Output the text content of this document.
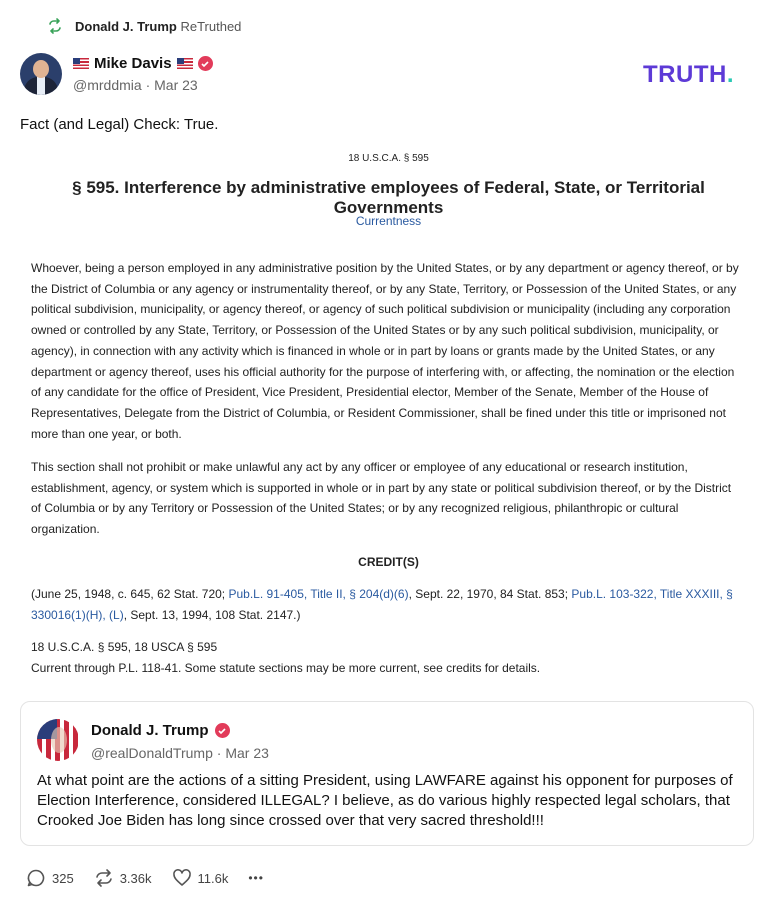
Donald J. Trump ReTruthed
Mike Davis
@mrddmia · Mar 23	TRUTH.
Fact (and Legal) Check: True.
18 U.S.C.A. § 595
§ 595. Interference by administrative employees of Federal, State, or Territorial Governments
Currentness

Whoever, being a person employed in any administrative position by the United States, or by any department or agency thereof, or by the District of Columbia or any agency or instrumentality thereof, or by any State, Territory, or Possession of the United States, or any political subdivision, municipality, or agency thereof, or agency of such political subdivision or municipality (including any corporation owned or controlled by any State, Territory, or Possession of the United States or by any such political subdivision, municipality, or agency), in connection with any activity which is financed in whole or in part by loans or grants made by the United States, or any department or agency thereof, uses his official authority for the purpose of interfering with, or affecting, the nomination or the election of any candidate for the office of President, Vice President, Presidential elector, Member of the Senate, Member of the House of Representatives, Delegate from the District of Columbia, or Resident Commissioner, shall be fined under this title or imprisoned not more than one year, or both.

This section shall not prohibit or make unlawful any act by any officer or employee of any educational or research institution, establishment, agency, or system which is supported in whole or in part by any state or political subdivision thereof, or by the District of Columbia or by any Territory or Possession of the United States; or by any recognized religious, philanthropic or cultural organization.

CREDIT(S)
(June 25, 1948, c. 645, 62 Stat. 720; Pub.L. 91-405, Title II, § 204(d)(6), Sept. 22, 1970, 84 Stat. 853; Pub.L. 103-322, Title XXXIII, § 330016(1)(H), (L), Sept. 13, 1994, 108 Stat. 2147.)
18 U.S.C.A. § 595, 18 USCA § 595
Current through P.L. 118-41. Some statute sections may be more current, see credits for details.
Donald J. Trump
@realDonaldTrump · Mar 23
At what point are the actions of a sitting President, using LAWFARE against his opponent for purposes of Election Interference, considered ILLEGAL? I believe, as do various highly respected legal scholars, that Crooked Joe Biden has long since crossed over that very sacred threshold!!!
325	3.36k	11.6k •••
